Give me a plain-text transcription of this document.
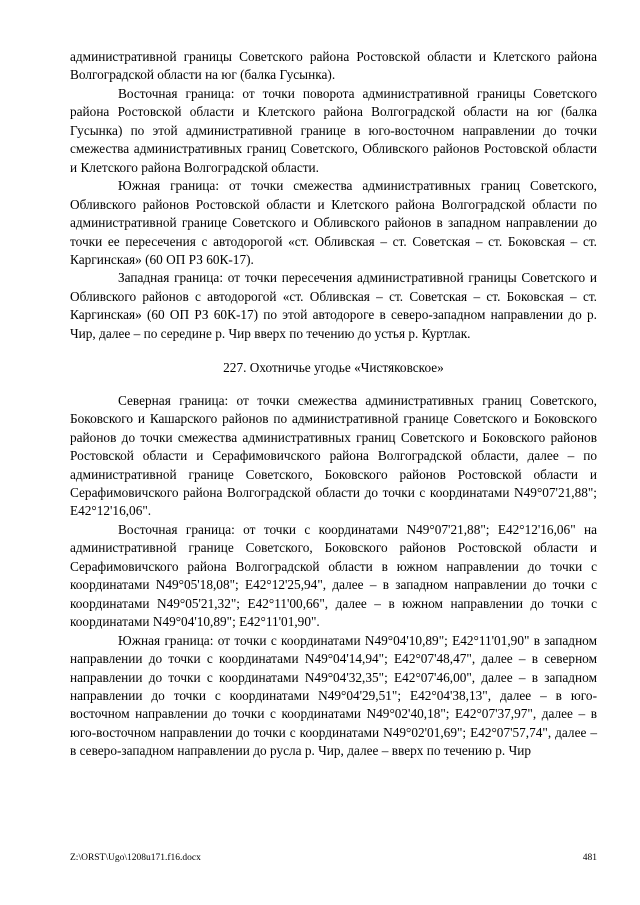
административной границы Советского района Ростовской области и Клетского района Волгоградской области на юг (балка Гусынка).

Восточная граница: от точки поворота административной границы Советского района Ростовской области и Клетского района Волгоградской области на юг (балка Гусынка) по этой административной границе в юго-восточном направлении до точки смежества административных границ Советского, Обливского районов Ростовской области и Клетского района Волгоградской области.

Южная граница: от точки смежества административных границ Советского, Обливского районов Ростовской области и Клетского района Волгоградской области по административной границе Советского и Обливского районов в западном направлении до точки ее пересечения с автодорогой «ст. Обливская – ст. Советская – ст. Боковская – ст. Каргинская» (60 ОП РЗ 60К-17).

Западная граница: от точки пересечения административной границы Советского и Обливского районов с автодорогой «ст. Обливская – ст. Советская – ст. Боковская – ст. Каргинская» (60 ОП РЗ 60К-17) по этой автодороге в северо-западном направлении до р. Чир, далее – по середине р. Чир вверх по течению до устья р. Куртлак.

227. Охотничье угодье «Чистяковское»

Северная граница: от точки смежества административных границ Советского, Боковского и Кашарского районов по административной границе Советского и Боковского районов до точки смежества административных границ Советского и Боковского районов Ростовской области и Серафимовичского района Волгоградской области, далее – по административной границе Советского, Боковского районов Ростовской области и Серафимовичского района Волгоградской области до точки с координатами N49°07'21,88"; E42°12'16,06".

Восточная граница: от точки с координатами N49°07'21,88"; E42°12'16,06" на административной границе Советского, Боковского районов Ростовской области и Серафимовичского района Волгоградской области в южном направлении до точки с координатами N49°05'18,08"; E42°12'25,94", далее – в западном направлении до точки с координатами N49°05'21,32"; E42°11'00,66", далее – в южном направлении до точки с координатами N49°04'10,89"; E42°11'01,90".

Южная граница: от точки с координатами N49°04'10,89"; E42°11'01,90" в западном направлении до точки с координатами N49°04'14,94"; E42°07'48,47", далее – в северном направлении до точки с координатами N49°04'32,35"; E42°07'46,00", далее – в западном направлении до точки с координатами N49°04'29,51"; E42°04'38,13", далее – в юго-восточном направлении до точки с координатами N49°02'40,18"; E42°07'37,97", далее – в юго-восточном направлении до точки с координатами N49°02'01,69"; E42°07'57,74", далее – в северо-западном направлении до русла р. Чир, далее – вверх по течению р. Чир

Z:\ORST\Ugo\1208u171.f16.docx	481
